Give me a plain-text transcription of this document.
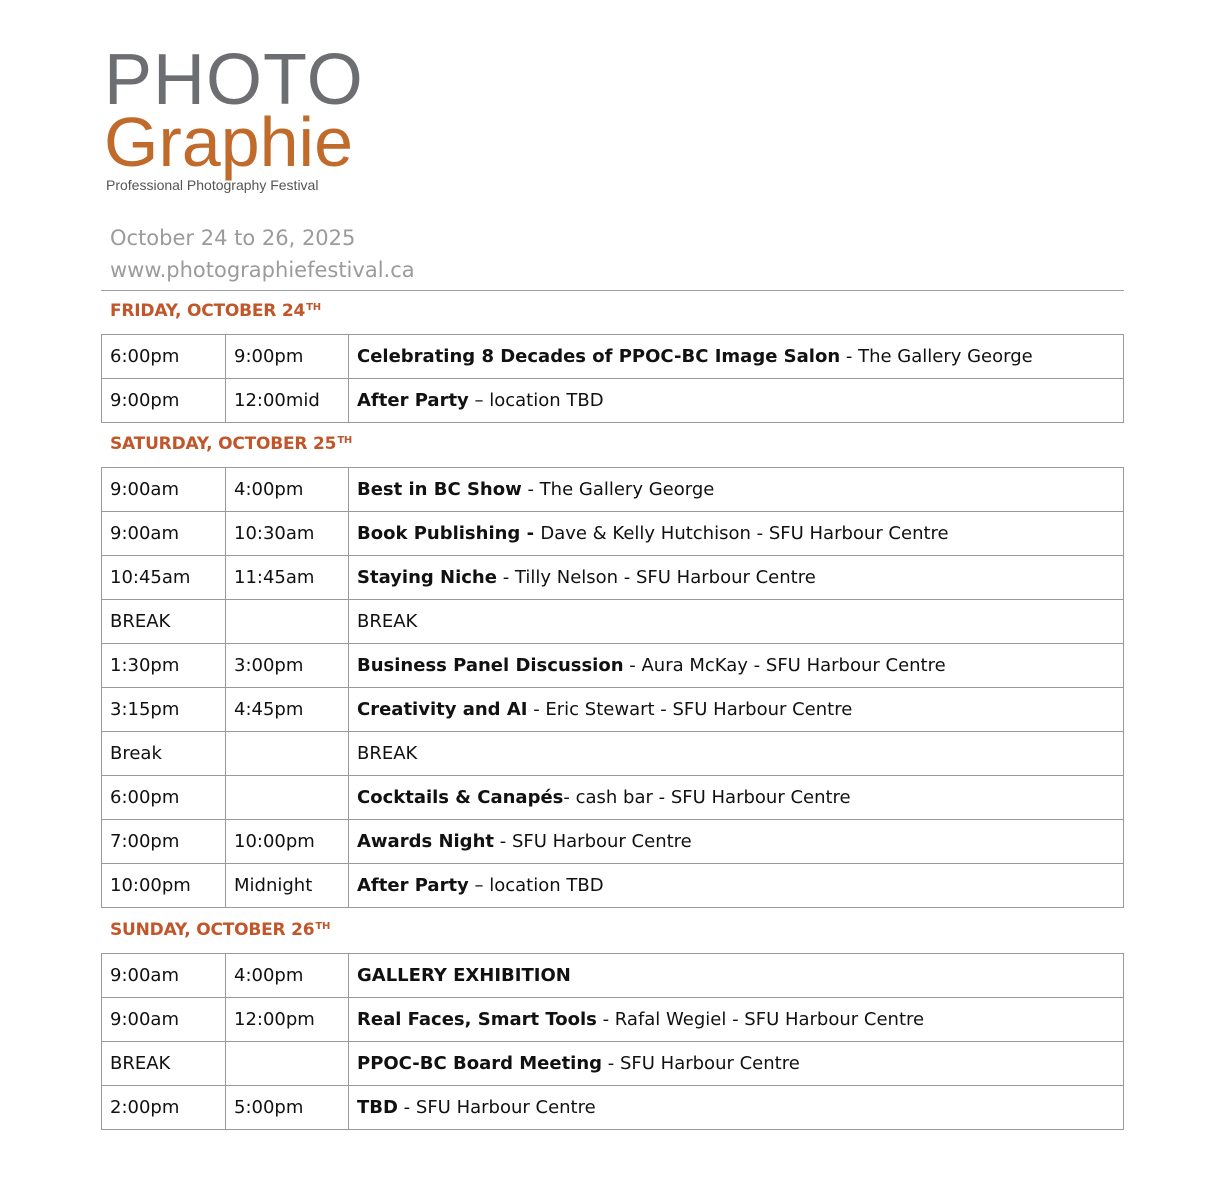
PHOTO
Graphie
Professional Photography Festival
October 24 to 26, 2025
www.photographiefestival.ca
FRIDAY, OCTOBER 24TH
6:00pm	9:00pm	Celebrating 8 Decades of PPOC-BC Image Salon - The Gallery George
9:00pm	12:00mid	After Party – location TBD
SATURDAY, OCTOBER 25TH
9:00am	4:00pm	Best in BC Show - The Gallery George
9:00am	10:30am	Book Publishing - Dave & Kelly Hutchison - SFU Harbour Centre
10:45am	11:45am	Staying Niche - Tilly Nelson - SFU Harbour Centre
BREAK		BREAK
1:30pm	3:00pm	Business Panel Discussion - Aura McKay - SFU Harbour Centre
3:15pm	4:45pm	Creativity and AI - Eric Stewart - SFU Harbour Centre
Break		BREAK
6:00pm		Cocktails & Canapés- cash bar - SFU Harbour Centre
7:00pm	10:00pm	Awards Night - SFU Harbour Centre
10:00pm	Midnight	After Party – location TBD
SUNDAY, OCTOBER 26TH
9:00am	4:00pm	GALLERY EXHIBITION
9:00am	12:00pm	Real Faces, Smart Tools - Rafal Wegiel - SFU Harbour Centre
BREAK		PPOC-BC Board Meeting - SFU Harbour Centre
2:00pm	5:00pm	TBD - SFU Harbour Centre
